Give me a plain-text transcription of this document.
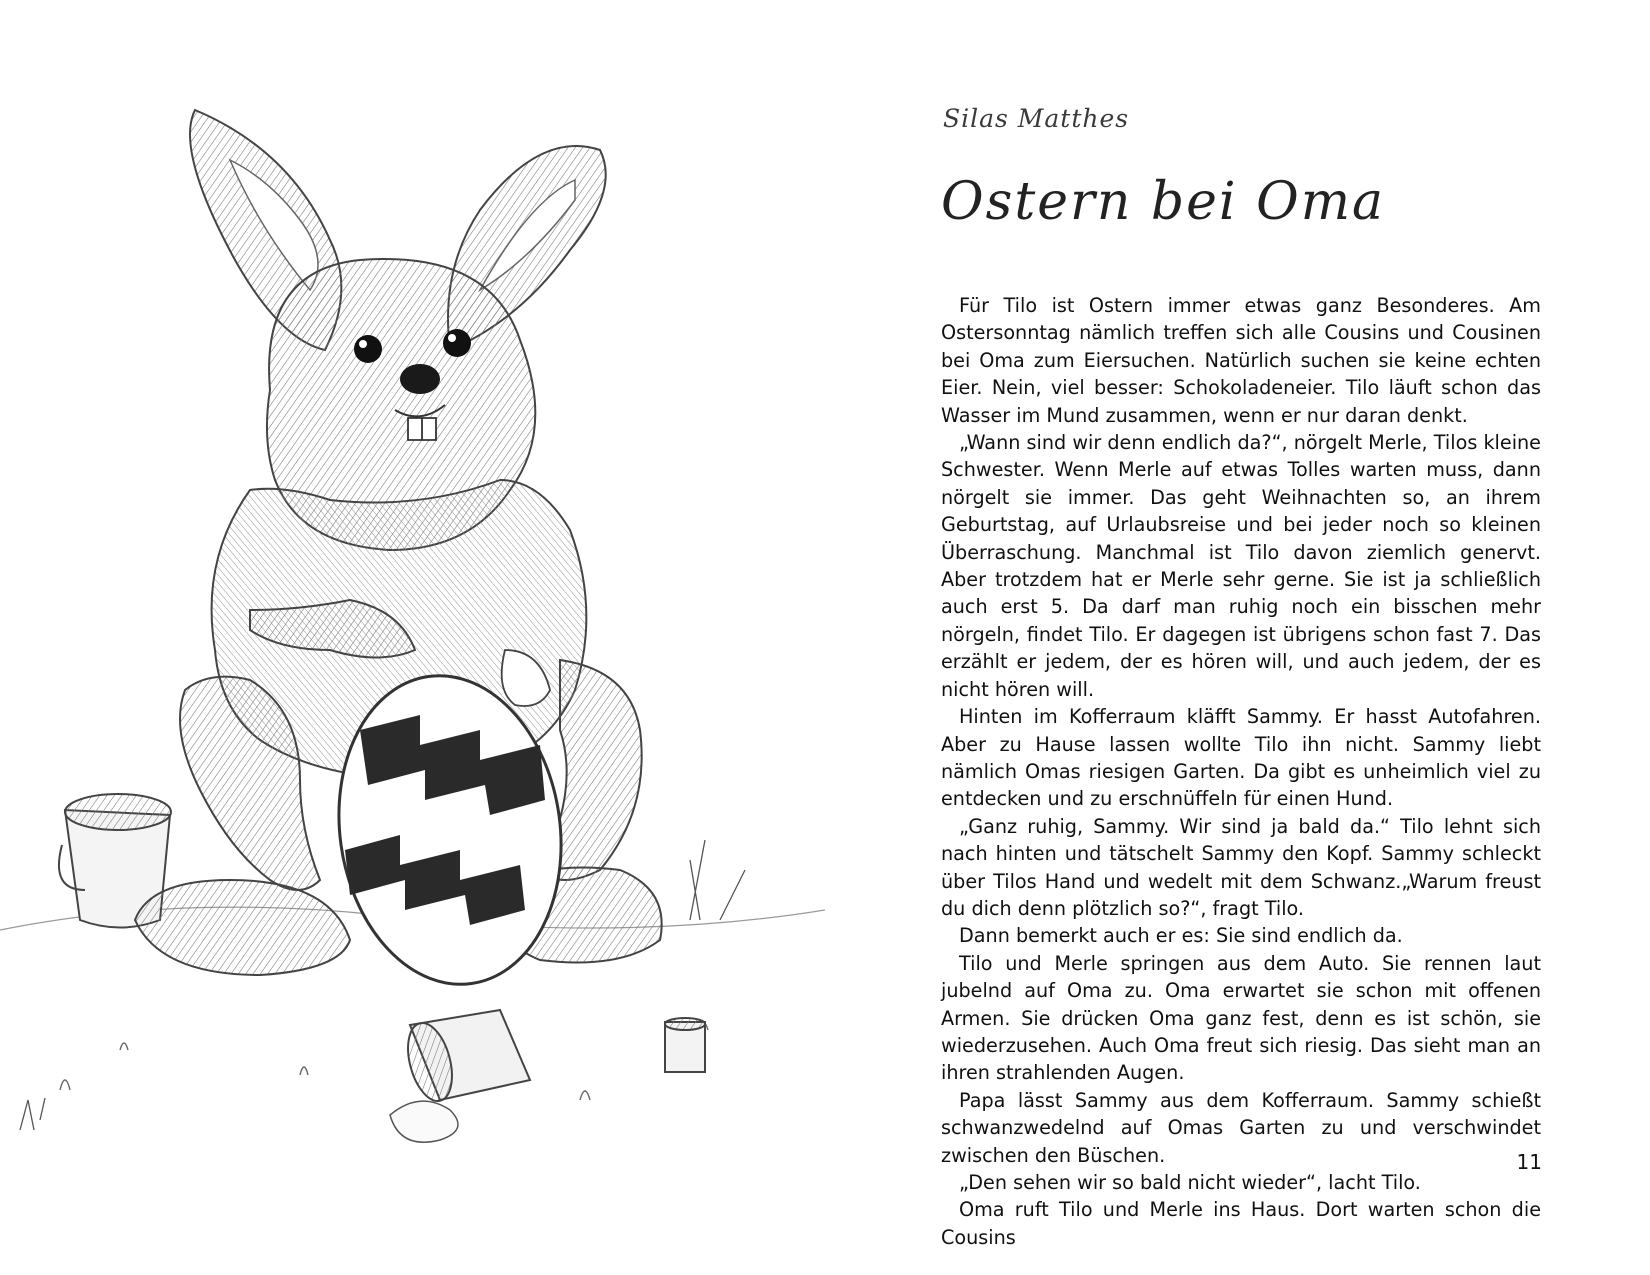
Silas Matthes
Ostern bei Oma

Für Tilo ist Ostern immer etwas ganz Besonderes. Am Ostersonntag nämlich treffen sich alle Cousins und Cousinen bei Oma zum Eiersuchen. Natürlich suchen sie keine echten Eier. Nein, viel besser: Schokoladeneier. Tilo läuft schon das Wasser im Mund zusammen, wenn er nur daran denkt.

„Wann sind wir denn endlich da?“, nörgelt Merle, Tilos kleine Schwester. Wenn Merle auf etwas Tolles warten muss, dann nörgelt sie immer. Das geht Weihnachten so, an ihrem Geburtstag, auf Urlaubsreise und bei jeder noch so kleinen Überraschung. Manchmal ist Tilo davon ziemlich genervt. Aber trotzdem hat er Merle sehr gerne. Sie ist ja schließlich auch erst 5. Da darf man ruhig noch ein bisschen mehr nörgeln, findet Tilo. Er dagegen ist übrigens schon fast 7. Das erzählt er jedem, der es hören will, und auch jedem, der es nicht hören will.

Hinten im Kofferraum kläfft Sammy. Er hasst Autofahren. Aber zu Hause lassen wollte Tilo ihn nicht. Sammy liebt nämlich Omas riesigen Garten. Da gibt es unheimlich viel zu entdecken und zu erschnüffeln für einen Hund.

„Ganz ruhig, Sammy. Wir sind ja bald da.“ Tilo lehnt sich nach hinten und tätschelt Sammy den Kopf. Sammy schleckt über Tilos Hand und wedelt mit dem Schwanz.„Warum freust du dich denn plötzlich so?“, fragt Tilo.

Dann bemerkt auch er es: Sie sind endlich da.

Tilo und Merle springen aus dem Auto. Sie rennen laut jubelnd auf Oma zu. Oma erwartet sie schon mit offenen Armen. Sie drücken Oma ganz fest, denn es ist schön, sie wiederzusehen. Auch Oma freut sich riesig. Das sieht man an ihren strahlenden Augen.

Papa lässt Sammy aus dem Kofferraum. Sammy schießt schwanzwedelnd auf Omas Garten zu und verschwindet zwischen den Büschen.

„Den sehen wir so bald nicht wieder“, lacht Tilo.

Oma ruft Tilo und Merle ins Haus. Dort warten schon die Cousins

11
